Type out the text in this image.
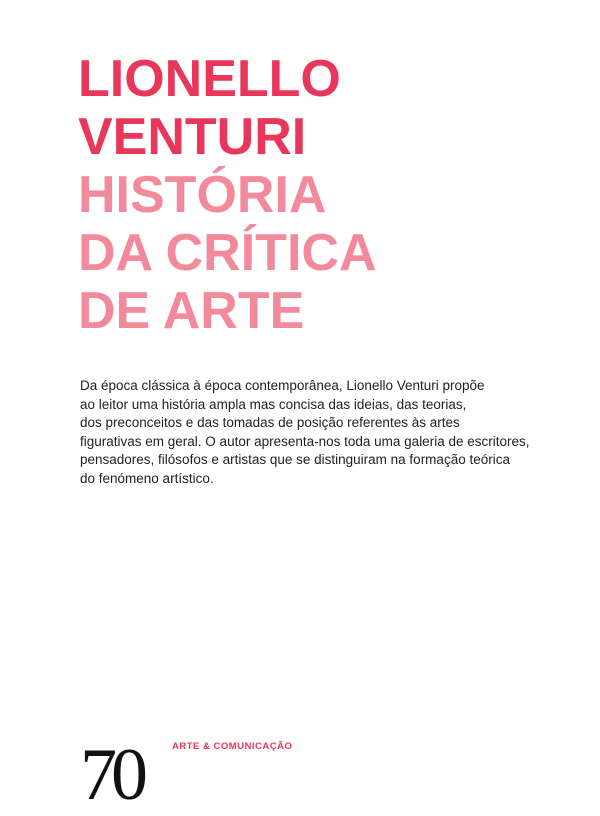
LIONELLO
VENTURI
HISTÓRIA
DA CRÍTICA
DE ARTE
Da época clássica à época contemporânea, Lionello Venturi propõe
ao leitor uma história ampla mas concisa das ideias, das teorias,
dos preconceitos e das tomadas de posição referentes às artes
figurativas em geral. O autor apresenta-nos toda uma galeria de escritores,
pensadores, filósofos e artistas que se distinguiram na formação teórica
do fenómeno artístico.
70	ARTE & COMUNICAÇÃO
